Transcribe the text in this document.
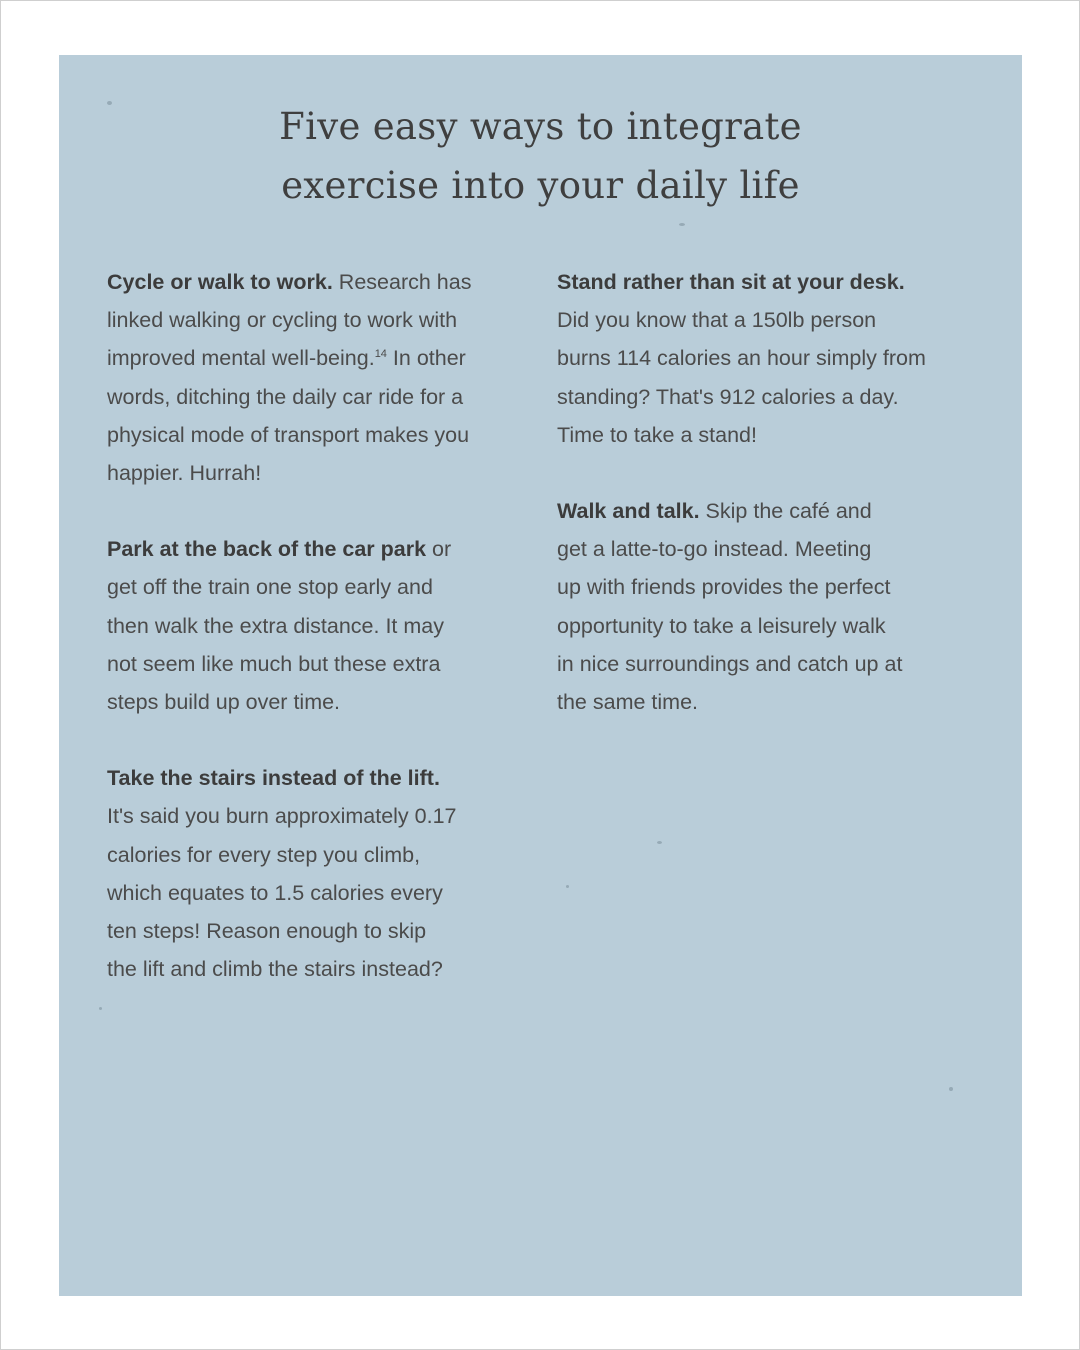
Five easy ways to integrate
exercise into your daily life
Cycle or walk to work. Research has
linked walking or cycling to work with
improved mental well-being.$^{14}$ In other
words, ditching the daily car ride for a
physical mode of transport makes you
happier. Hurrah!
Park at the back of the car park or
get off the train one stop early and
then walk the extra distance. It may
not seem like much but these extra
steps build up over time.
Take the stairs instead of the lift.
It's said you burn approximately 0.17
calories for every step you climb,
which equates to 1.5 calories every
ten steps! Reason enough to skip
the lift and climb the stairs instead?
Stand rather than sit at your desk.
Did you know that a 150lb person
burns 114 calories an hour simply from
standing? That's 912 calories a day.
Time to take a stand!
Walk and talk. Skip the café and
get a latte-to-go instead. Meeting
up with friends provides the perfect
opportunity to take a leisurely walk
in nice surroundings and catch up at
the same time.
